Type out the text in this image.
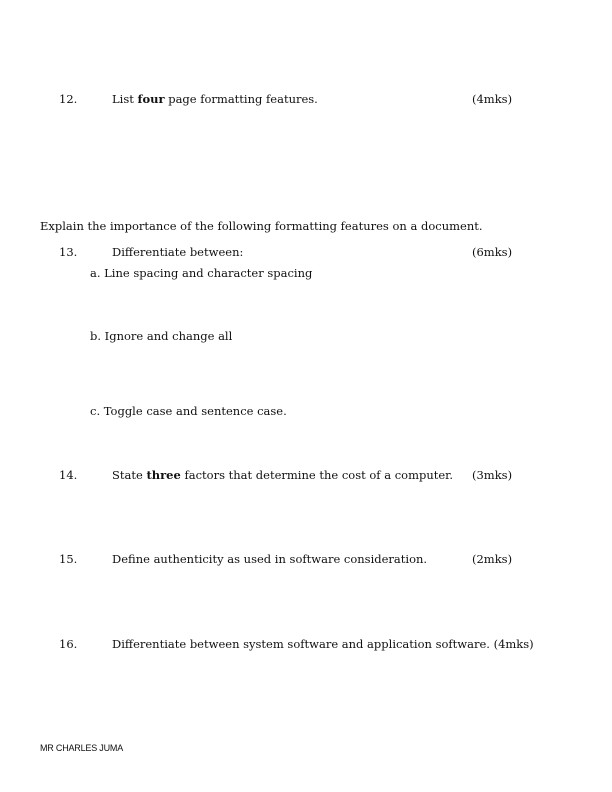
12.	List four page formatting features.	(4mks)
Explain the importance of the following formatting features on a document.
13.	Differentiate between:	(6mks)
a. Line spacing and character spacing
b. Ignore and change all
c. Toggle case and sentence case.
14.	State three factors that determine the cost of a computer. (3mks)
15.	Define authenticity as used in software consideration.	(2mks)
16.	Differentiate between system software and application software. (4mks)
MR CHARLES JUMA
